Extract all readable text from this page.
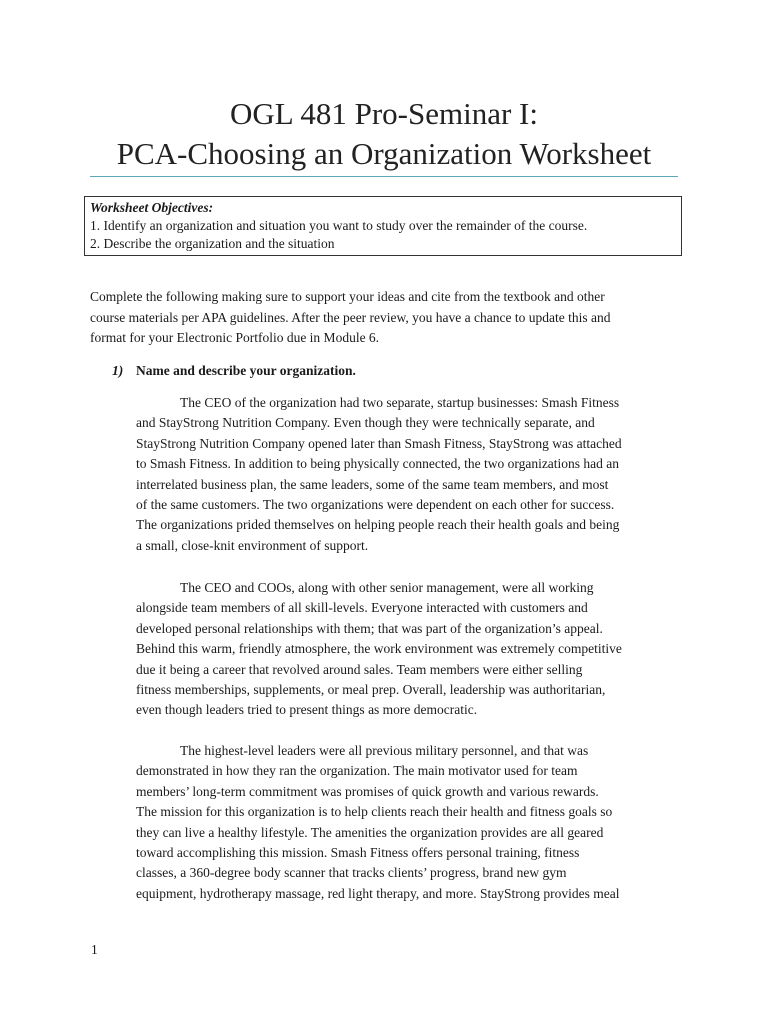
OGL 481 Pro-Seminar I:
PCA-Choosing an Organization Worksheet
Worksheet Objectives:
1. Identify an organization and situation you want to study over the remainder of the course.
2. Describe the organization and the situation
Complete the following making sure to support your ideas and cite from the textbook and other
course materials per APA guidelines. After the peer review, you have a chance to update this and
format for your Electronic Portfolio due in Module 6.
1) Name and describe your organization.
The CEO of the organization had two separate, startup businesses: Smash Fitness
and StayStrong Nutrition Company. Even though they were technically separate, and
StayStrong Nutrition Company opened later than Smash Fitness, StayStrong was attached
to Smash Fitness. In addition to being physically connected, the two organizations had an
interrelated business plan, the same leaders, some of the same team members, and most
of the same customers. The two organizations were dependent on each other for success.
The organizations prided themselves on helping people reach their health goals and being
a small, close-knit environment of support.
The CEO and COOs, along with other senior management, were all working
alongside team members of all skill-levels. Everyone interacted with customers and
developed personal relationships with them; that was part of the organization’s appeal.
Behind this warm, friendly atmosphere, the work environment was extremely competitive
due it being a career that revolved around sales. Team members were either selling
fitness memberships, supplements, or meal prep. Overall, leadership was authoritarian,
even though leaders tried to present things as more democratic.
The highest-level leaders were all previous military personnel, and that was
demonstrated in how they ran the organization. The main motivator used for team
members’ long-term commitment was promises of quick growth and various rewards.
The mission for this organization is to help clients reach their health and fitness goals so
they can live a healthy lifestyle. The amenities the organization provides are all geared
toward accomplishing this mission. Smash Fitness offers personal training, fitness
classes, a 360-degree body scanner that tracks clients’ progress, brand new gym
equipment, hydrotherapy massage, red light therapy, and more. StayStrong provides meal
1
